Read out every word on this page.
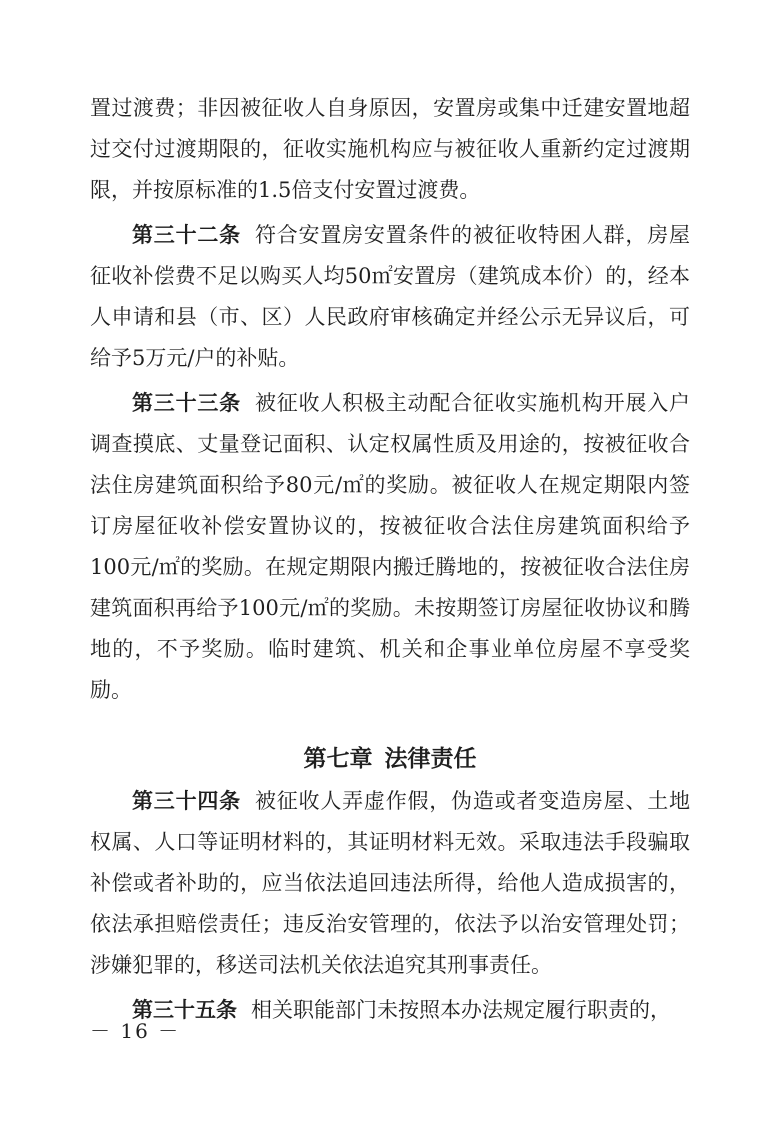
置过渡费；非因被征收人自身原因，安置房或集中迁建安置地超过交付过渡期限的，征收实施机构应与被征收人重新约定过渡期限，并按原标准的1.5倍支付安置过渡费。

第三十二条 符合安置房安置条件的被征收特困人群，房屋征收补偿费不足以购买人均50㎡安置房（建筑成本价）的，经本人申请和县（市、区）人民政府审核确定并经公示无异议后，可给予5万元/户的补贴。

第三十三条 被征收人积极主动配合征收实施机构开展入户调查摸底、丈量登记面积、认定权属性质及用途的，按被征收合法住房建筑面积给予80元/㎡的奖励。被征收人在规定期限内签订房屋征收补偿安置协议的，按被征收合法住房建筑面积给予100元/㎡的奖励。在规定期限内搬迁腾地的，按被征收合法住房建筑面积再给予100元/㎡的奖励。未按期签订房屋征收协议和腾地的，不予奖励。临时建筑、机关和企事业单位房屋不享受奖励。

第七章 法律责任

第三十四条 被征收人弄虚作假，伪造或者变造房屋、土地权属、人口等证明材料的，其证明材料无效。采取违法手段骗取补偿或者补助的，应当依法追回违法所得，给他人造成损害的，依法承担赔偿责任；违反治安管理的，依法予以治安管理处罚；涉嫌犯罪的，移送司法机关依法追究其刑事责任。

第三十五条 相关职能部门未按照本办法规定履行职责的，

－ 16 －
